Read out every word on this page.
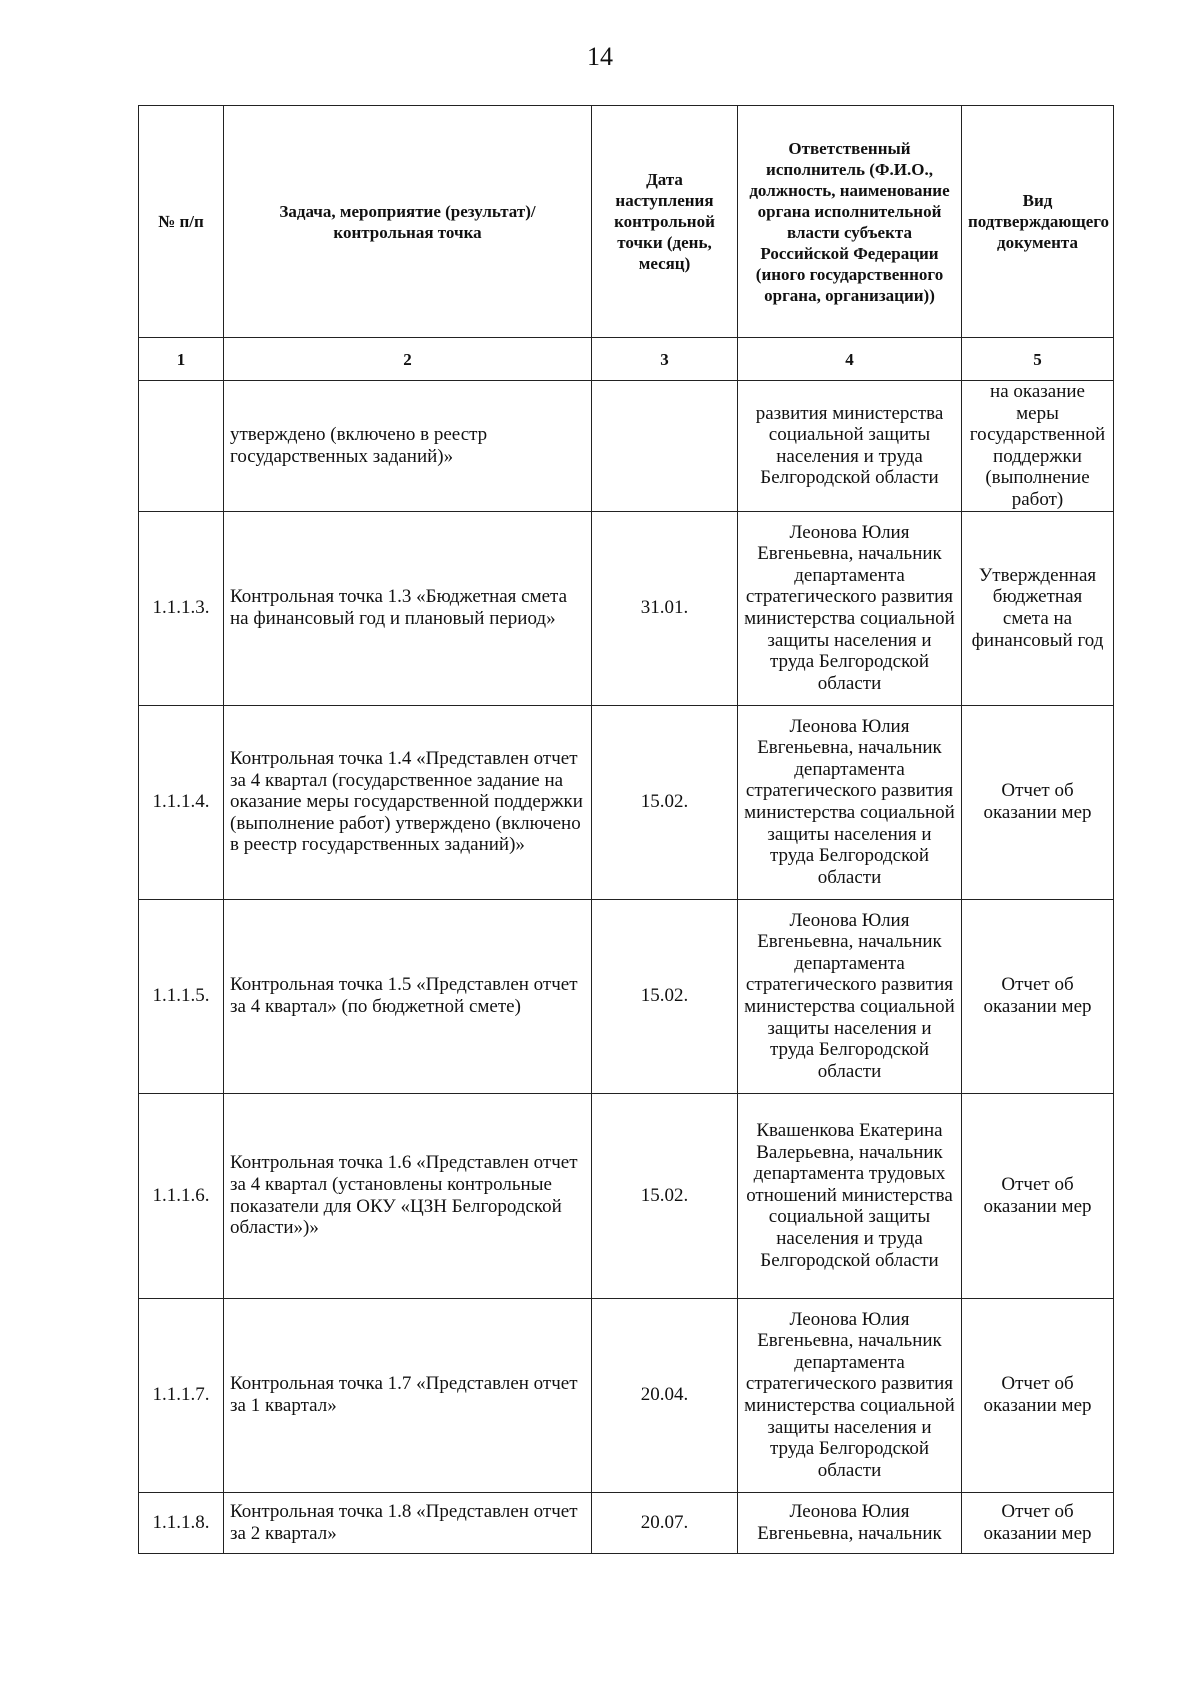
14
№ п/п	Задача, мероприятие (результат)/контрольная точка	Дата наступления контрольной точки (день, месяц)	Ответственный исполнитель (Ф.И.О., должность, наименование органа исполнительной власти субъекта Российской Федерации (иного государственного органа, организации))	Вид подтверждающего документа
1	2	3	4	5
	утверждено (включено в реестр государственных заданий)»		развития министерства социальной защиты населения и труда Белгородской области	на оказание меры государственной поддержки (выполнение работ)
1.1.1.3.	Контрольная точка 1.3 «Бюджетная смета на финансовый год и плановый период»	31.01.	Леонова Юлия Евгеньевна, начальник департамента стратегического развития министерства социальной защиты населения и труда Белгородской области	Утвержденная бюджетная смета на финансовый год
1.1.1.4.	Контрольная точка 1.4 «Представлен отчет за 4 квартал (государственное задание на оказание меры государственной поддержки (выполнение работ) утверждено (включено в реестр государственных заданий)»	15.02.	Леонова Юлия Евгеньевна, начальник департамента стратегического развития министерства социальной защиты населения и труда Белгородской области	Отчет об оказании мер
1.1.1.5.	Контрольная точка 1.5 «Представлен отчет за 4 квартал» (по бюджетной смете)	15.02.	Леонова Юлия Евгеньевна, начальник департамента стратегического развития министерства социальной защиты населения и труда Белгородской области	Отчет об оказании мер
1.1.1.6.	Контрольная точка 1.6 «Представлен отчет за 4 квартал (установлены контрольные показатели для ОКУ «ЦЗН Белгородской области»)»	15.02.	Квашенкова Екатерина Валерьевна, начальник департамента трудовых отношений министерства социальной защиты населения и труда Белгородской области	Отчет об оказании мер
1.1.1.7.	Контрольная точка 1.7 «Представлен отчет за 1 квартал»	20.04.	Леонова Юлия Евгеньевна, начальник департамента стратегического развития министерства социальной защиты населения и труда Белгородской области	Отчет об оказании мер
1.1.1.8.	Контрольная точка 1.8 «Представлен отчет за 2 квартал»	20.07.	Леонова Юлия Евгеньевна, начальник	Отчет об оказании мер
